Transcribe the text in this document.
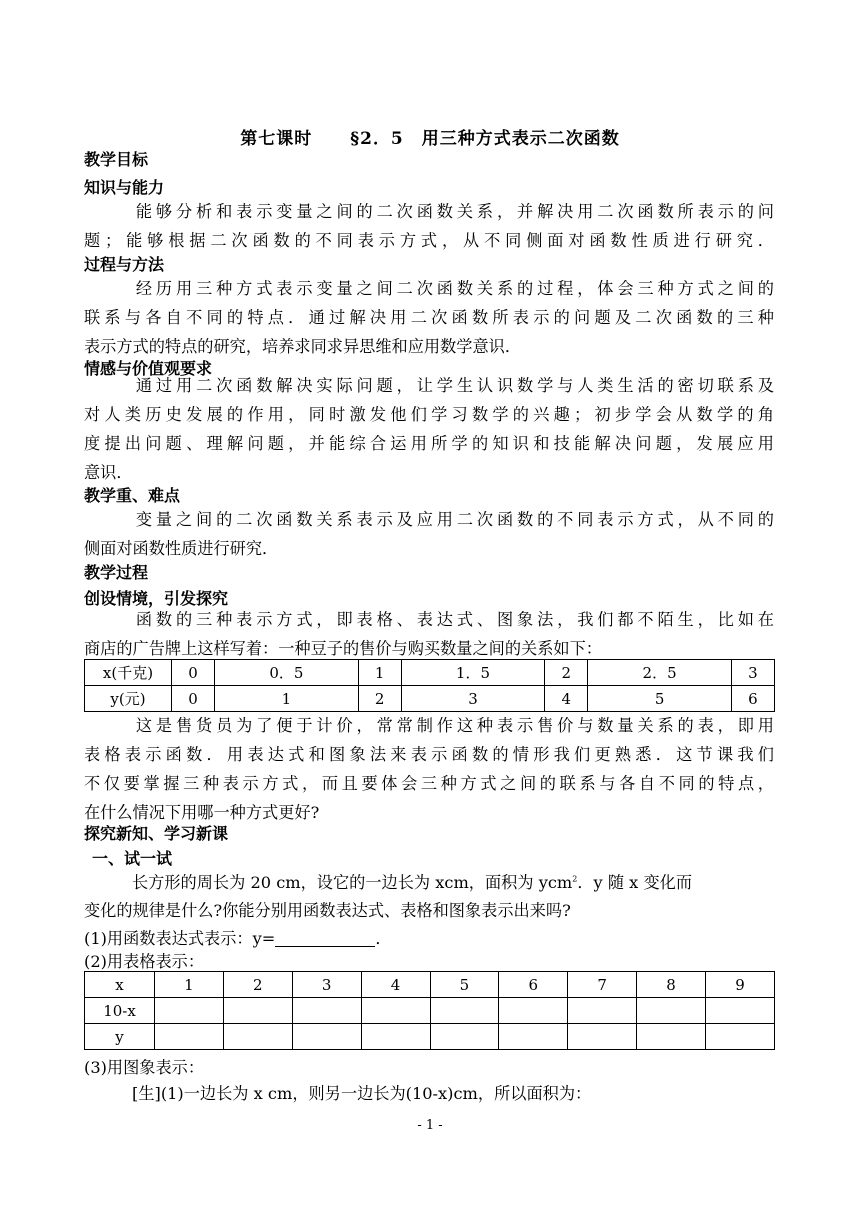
第七课时 §2．5 用三种方式表示二次函数
教学目标
知识与能力
能够分析和表示变量之间的二次函数关系，并解决用二次函数所表示的问
题；能够根据二次函数的不同表示方式，从不同侧面对函数性质进行研究．
过程与方法
经历用三种方式表示变量之间二次函数关系的过程，体会三种方式之间的
联系与各自不同的特点．通过解决用二次函数所表示的问题及二次函数的三种
表示方式的特点的研究，培养求同求异思维和应用数学意识．
情感与价值观要求
通过用二次函数解决实际问题，让学生认识数学与人类生活的密切联系及
对人类历史发展的作用，同时激发他们学习数学的兴趣；初步学会从数学的角
度提出问题、理解问题，并能综合运用所学的知识和技能解决问题，发展应用
意识．
教学重、难点
变量之间的二次函数关系表示及应用二次函数的不同表示方式，从不同的
侧面对函数性质进行研究．
教学过程
创设情境，引发探究
函数的三种表示方式，即表格、表达式、图象法，我们都不陌生，比如在
商店的广告牌上这样写着：一种豆子的售价与购买数量之间的关系如下：
x(千克)	0	0．5	1	1．5	2	2．5	3
y(元)	0	1	2	3	4	5	6
这是售货员为了便于计价，常常制作这种表示售价与数量关系的表，即用
表格表示函数．用表达式和图象法来表示函数的情形我们更熟悉．这节课我们
不仅要掌握三种表示方式，而且要体会三种方式之间的联系与各自不同的特点，
在什么情况下用哪一种方式更好?
探究新知、学习新课
一、试一试
长方形的周长为 20 cm，设它的一边长为 xcm，面积为 ycm$^2$．y 随 x 变化而
变化的规律是什么?你能分别用函数表达式、表格和图象表示出来吗?
(1)用函数表达式表示：y=	．
(2)用表格表示：
x	1	2	3	4	5	6	7	8	9
10-x									
y									
(3)用图象表示：
[生](1)一边长为 x cm，则另一边长为(10-x)cm，所以面积为：
- 1 -
